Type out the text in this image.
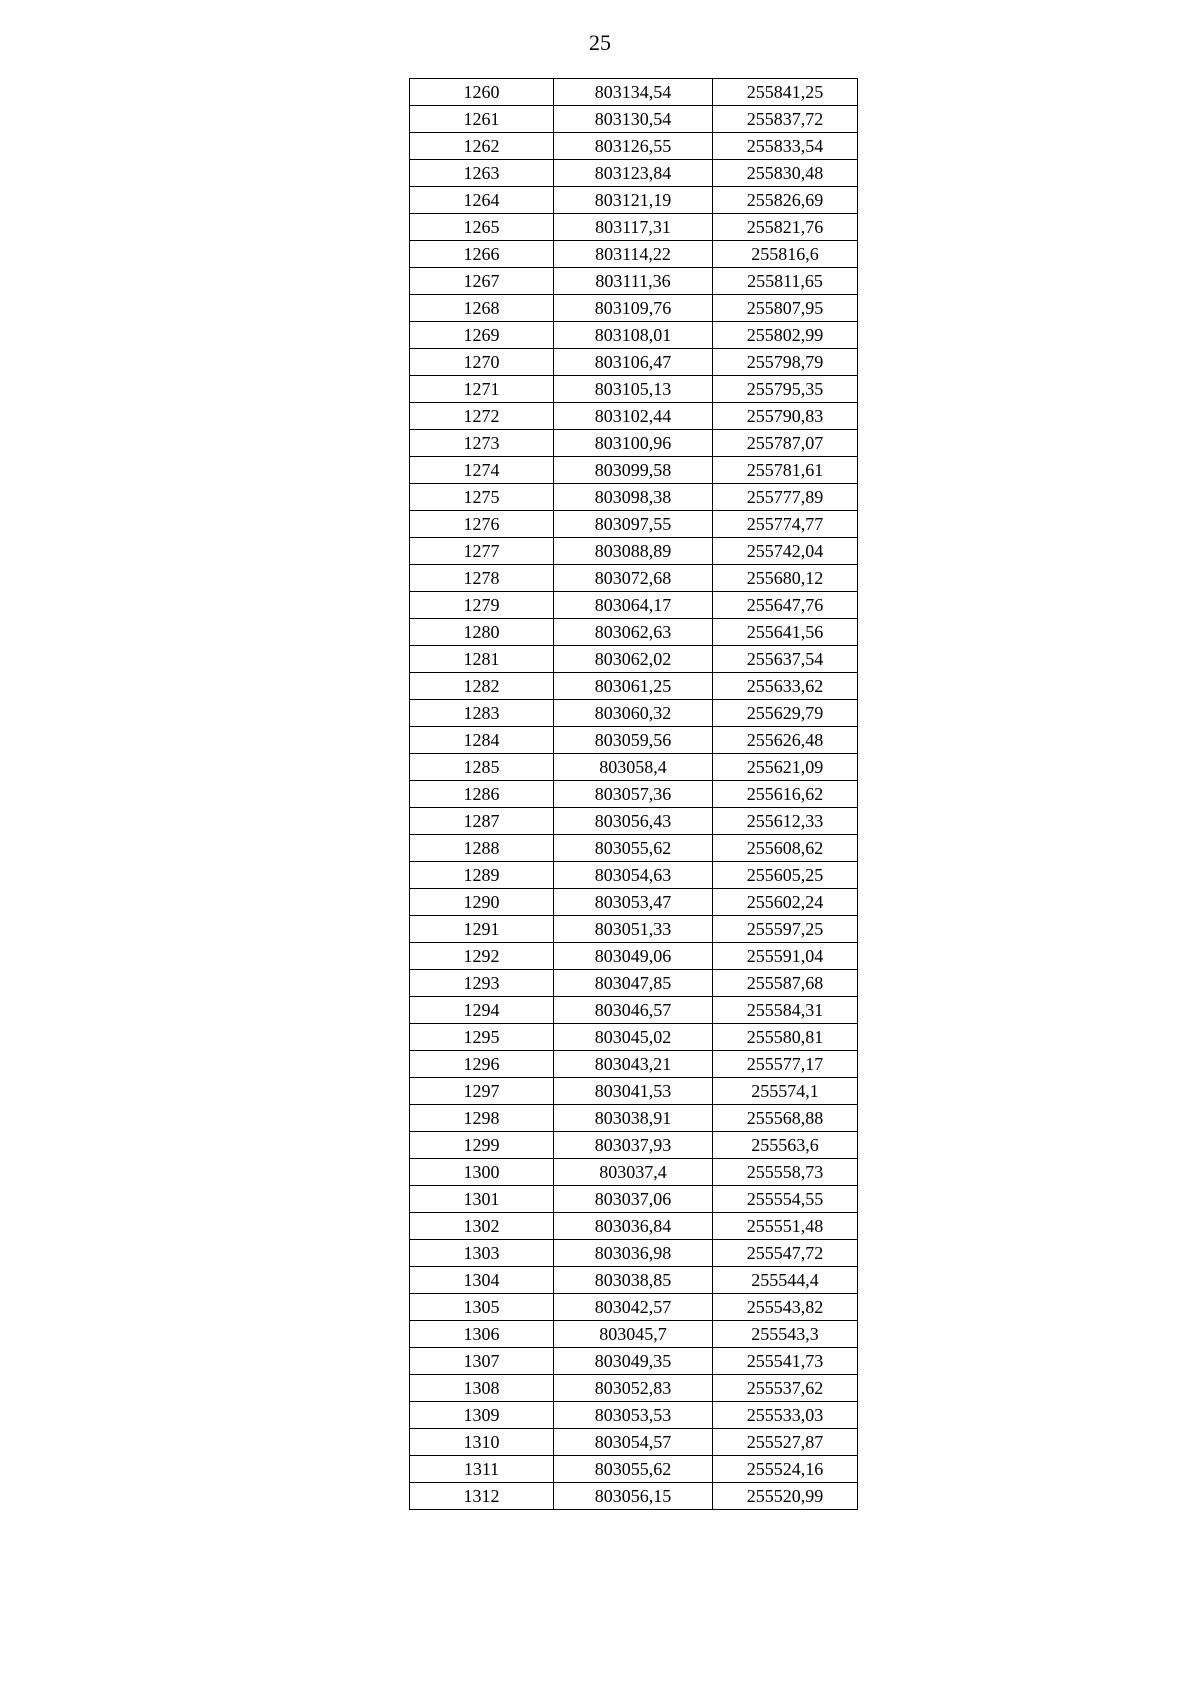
25
1260	803134,54	255841,25
1261	803130,54	255837,72
1262	803126,55	255833,54
1263	803123,84	255830,48
1264	803121,19	255826,69
1265	803117,31	255821,76
1266	803114,22	255816,6
1267	803111,36	255811,65
1268	803109,76	255807,95
1269	803108,01	255802,99
1270	803106,47	255798,79
1271	803105,13	255795,35
1272	803102,44	255790,83
1273	803100,96	255787,07
1274	803099,58	255781,61
1275	803098,38	255777,89
1276	803097,55	255774,77
1277	803088,89	255742,04
1278	803072,68	255680,12
1279	803064,17	255647,76
1280	803062,63	255641,56
1281	803062,02	255637,54
1282	803061,25	255633,62
1283	803060,32	255629,79
1284	803059,56	255626,48
1285	803058,4	255621,09
1286	803057,36	255616,62
1287	803056,43	255612,33
1288	803055,62	255608,62
1289	803054,63	255605,25
1290	803053,47	255602,24
1291	803051,33	255597,25
1292	803049,06	255591,04
1293	803047,85	255587,68
1294	803046,57	255584,31
1295	803045,02	255580,81
1296	803043,21	255577,17
1297	803041,53	255574,1
1298	803038,91	255568,88
1299	803037,93	255563,6
1300	803037,4	255558,73
1301	803037,06	255554,55
1302	803036,84	255551,48
1303	803036,98	255547,72
1304	803038,85	255544,4
1305	803042,57	255543,82
1306	803045,7	255543,3
1307	803049,35	255541,73
1308	803052,83	255537,62
1309	803053,53	255533,03
1310	803054,57	255527,87
1311	803055,62	255524,16
1312	803056,15	255520,99
